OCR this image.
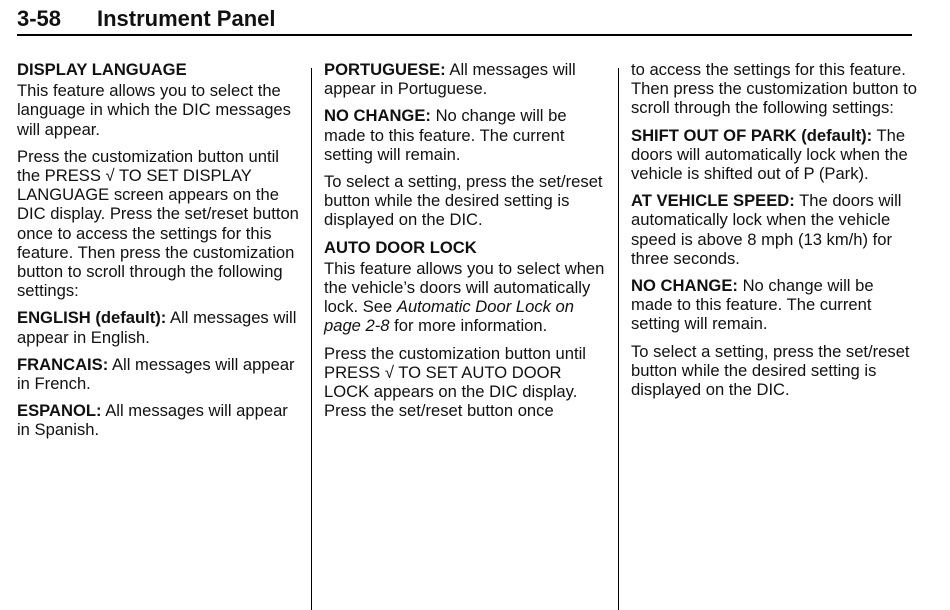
3-58 Instrument Panel

DISPLAY LANGUAGE

This feature allows you to select the language in which the DIC messages will appear.

Press the customization button until the PRESS √ TO SET DISPLAY LANGUAGE screen appears on the DIC display. Press the set/reset button once to access the settings for this feature. Then press the customization button to scroll through the following settings:

ENGLISH (default): All messages will appear in English.

FRANCAIS: All messages will appear in French.

ESPANOL: All messages will appear in Spanish.

PORTUGUESE: All messages will appear in Portuguese.

NO CHANGE: No change will be made to this feature. The current setting will remain.

To select a setting, press the set/reset button while the desired setting is displayed on the DIC.

AUTO DOOR LOCK

This feature allows you to select when the vehicle’s doors will automatically lock. See Automatic Door Lock on page 2-8 for more information.

Press the customization button until PRESS √ TO SET AUTO DOOR LOCK appears on the DIC display. Press the set/reset button once

to access the settings for this feature. Then press the customization button to scroll through the following settings:

SHIFT OUT OF PARK (default): The doors will automatically lock when the vehicle is shifted out of P (Park).

AT VEHICLE SPEED: The doors will automatically lock when the vehicle speed is above 8 mph (13 km/h) for three seconds.

NO CHANGE: No change will be made to this feature. The current setting will remain.

To select a setting, press the set/reset button while the desired setting is displayed on the DIC.
